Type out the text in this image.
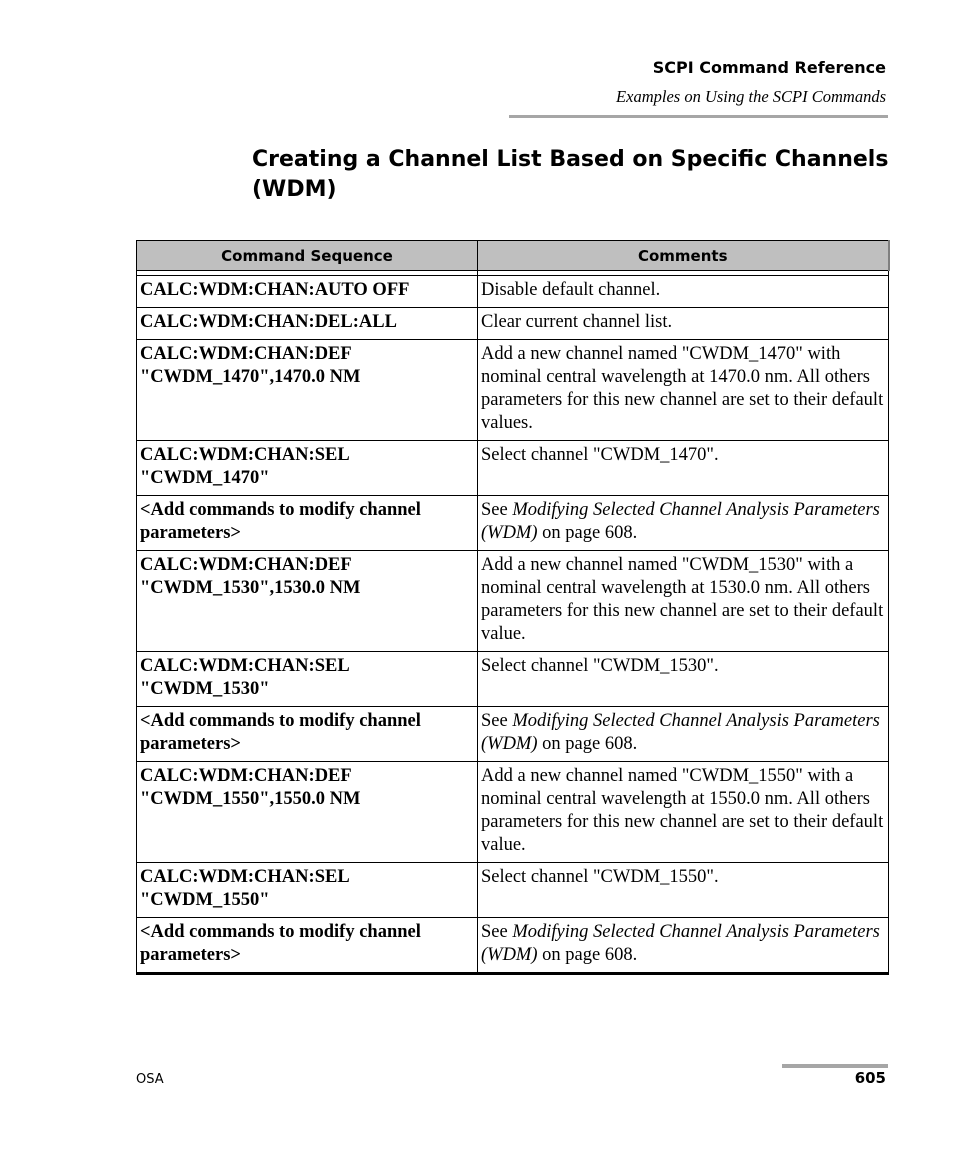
SCPI Command Reference
Examples on Using the SCPI Commands
Creating a Channel List Based on Specific Channels (WDM)
Command Sequence	Comments

CALC:WDM:CHAN:AUTO OFF	Disable default channel.
CALC:WDM:CHAN:DEL:ALL	Clear current channel list.
CALC:WDM:CHAN:DEF "CWDM_1470",1470.0 NM	Add a new channel named "CWDM_1470" with nominal central wavelength at 1470.0 nm. All others parameters for this new channel are set to their default values.
CALC:WDM:CHAN:SEL "CWDM_1470"	Select channel "CWDM_1470".
<Add commands to modify channel parameters>	See Modifying Selected Channel Analysis Parameters (WDM) on page 608.
CALC:WDM:CHAN:DEF "CWDM_1530",1530.0 NM	Add a new channel named "CWDM_1530" with a nominal central wavelength at 1530.0 nm. All others parameters for this new channel are set to their default value.
CALC:WDM:CHAN:SEL "CWDM_1530"	Select channel "CWDM_1530".
<Add commands to modify channel parameters>	See Modifying Selected Channel Analysis Parameters (WDM) on page 608.
CALC:WDM:CHAN:DEF "CWDM_1550",1550.0 NM	Add a new channel named "CWDM_1550" with a nominal central wavelength at 1550.0 nm. All others parameters for this new channel are set to their default value.
CALC:WDM:CHAN:SEL "CWDM_1550"	Select channel "CWDM_1550".
<Add commands to modify channel parameters>	See Modifying Selected Channel Analysis Parameters (WDM) on page 608.
OSA	605
